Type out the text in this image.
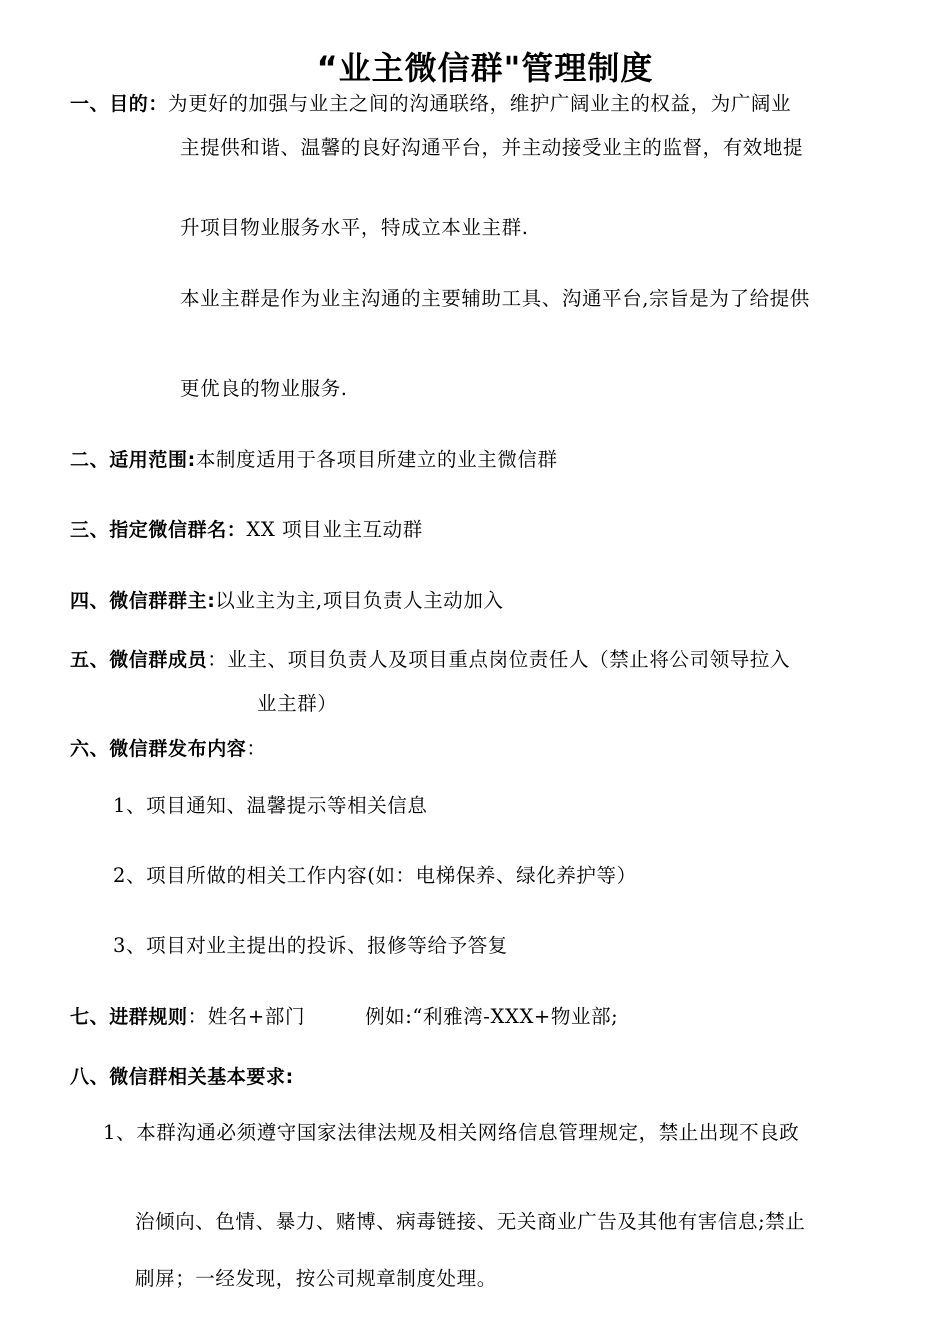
“业主微信群"管理制度
一、目的：为更好的加强与业主之间的沟通联络，维护广阔业主的权益，为广阔业
主提供和谐、温馨的良好沟通平台，并主动接受业主的监督，有效地提
升项目物业服务水平，特成立本业主群.
本业主群是作为业主沟通的主要辅助工具、沟通平台,宗旨是为了给提供
更优良的物业服务.
二、适用范围:本制度适用于各项目所建立的业主微信群
三、指定微信群名：XX 项目业主互动群
四、微信群群主:以业主为主,项目负责人主动加入
五、微信群成员：业主、项目负责人及项目重点岗位责任人（禁止将公司领导拉入
业主群）
六、微信群发布内容：
1、项目通知、温馨提示等相关信息
2、项目所做的相关工作内容(如：电梯保养、绿化养护等）
3、项目对业主提出的投诉、报修等给予答复
七、进群规则：姓名+部门	例如:“利雅湾-XXX+物业部;
八、微信群相关基本要求:
1、本群沟通必须遵守国家法律法规及相关网络信息管理规定，禁止出现不良政
治倾向、色情、暴力、赌博、病毒链接、无关商业广告及其他有害信息;禁止
刷屏；一经发现，按公司规章制度处理。
